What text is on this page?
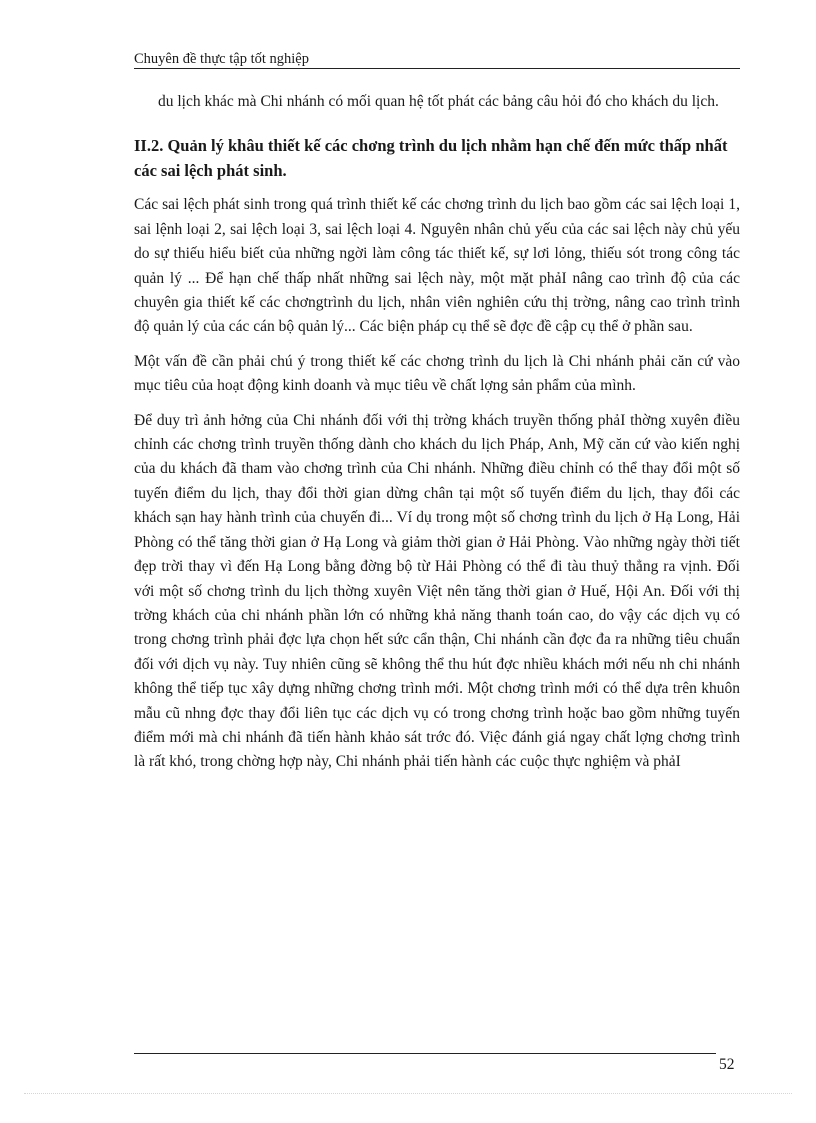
Chuyên đề thực tập tốt nghiệp

du lịch khác mà Chi nhánh có mối quan hệ tốt phát các bảng câu hỏi đó cho khách du lịch.

II.2. Quản lý khâu thiết kế các chơng trình du lịch nhằm hạn chế đến mức thấp nhất các sai lệch phát sinh.

Các sai lệch phát sinh trong quá trình thiết kế các chơng trình du lịch bao gồm các sai lệch loại 1, sai lệnh loại 2, sai lệch loại 3, sai lệch loại 4. Nguyên nhân chủ yếu của các sai lệch này chủ yếu do sự thiếu hiểu biết của những ngời làm công tác thiết kế, sự lơi lỏng, thiếu sót trong công tác quản lý ... Để hạn chế thấp nhất những sai lệch này, một mặt phảI nâng cao trình độ của các chuyên gia thiết kế các chơngtrình du lịch, nhân viên nghiên cứu thị trờng, nâng cao trình trình độ quản lý của các cán bộ quản lý... Các biện pháp cụ thể sẽ đợc đề cập cụ thể ở phần sau.

Một vấn đề cần phải chú ý trong thiết kế các chơng trình du lịch là Chi nhánh phải căn cứ vào mục tiêu của hoạt động kinh doanh và mục tiêu về chất lợng sản phẩm của mình.

Để duy trì ảnh hởng của Chi nhánh đối với thị trờng khách truyền thống phảI thờng xuyên điều chỉnh các chơng trình truyền thống dành cho khách du lịch Pháp, Anh, Mỹ căn cứ vào kiến nghị của du khách đã tham vào chơng trình của Chi nhánh. Những điều chỉnh có thể thay đổi một số tuyến điểm du lịch, thay đổi thời gian dừng chân tại một số tuyến điểm du lịch, thay đổi các khách sạn hay hành trình của chuyến đi... Ví dụ trong một số chơng trình du lịch ở Hạ Long, Hải Phòng có thể tăng thời gian ở Hạ Long và giảm thời gian ở Hải Phòng. Vào những ngày thời tiết đẹp trời thay vì đến Hạ Long bằng đờng bộ từ Hải Phòng có thể đi tàu thuỷ thẳng ra vịnh. Đối với một số chơng trình du lịch thờng xuyên Việt nên tăng thời gian ở Huế, Hội An. Đối với thị trờng khách của chi nhánh phần lớn có những khả năng thanh toán cao, do vậy các dịch vụ có trong chơng trình phải đợc lựa chọn hết sức cẩn thận, Chi nhánh cần đợc đa ra những tiêu chuẩn đối với dịch vụ này. Tuy nhiên cũng sẽ không thể thu hút đợc nhiều khách mới nếu nh chi nhánh không thể tiếp tục xây dựng những chơng trình mới. Một chơng trình mới có thể dựa trên khuôn mẫu cũ nhng đợc thay đổi liên tục các dịch vụ có trong chơng trình hoặc bao gồm những tuyến điểm mới mà chi nhánh đã tiến hành khảo sát trớc đó. Việc đánh giá ngay chất lợng chơng trình là rất khó, trong chờng hợp này, Chi nhánh phải tiến hành các cuộc thực nghiệm và phảI

52
